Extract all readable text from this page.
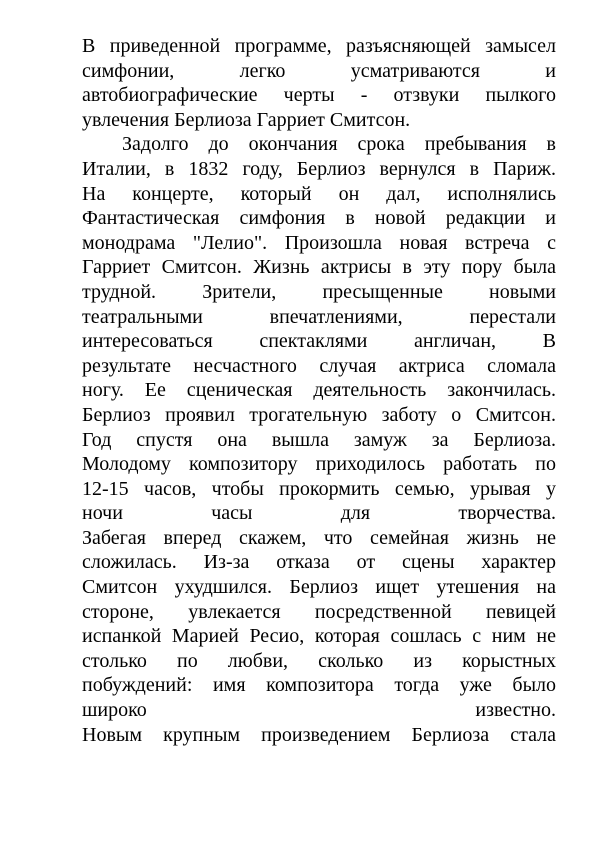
В приведенной программе, разъясняющей замысел
симфонии, легко усматриваются и
автобиографические черты - отзвуки пылкого
увлечения Берлиоза Гарриет Смитсон.
Задолго до окончания срока пребывания в
Италии, в 1832 году, Берлиоз вернулся в Париж.
На концерте, который он дал, исполнялись
Фантастическая симфония в новой редакции и
монодрама "Лелио". Произошла новая встреча с
Гарриет Смитсон. Жизнь актрисы в эту пору была
трудной. Зрители, пресыщенные новыми
театральными впечатлениями, перестали
интересоваться спектаклями англичан, В
результате несчастного случая актриса сломала
ногу. Ее сценическая деятельность закончилась.
Берлиоз проявил трогательную заботу о Смитсон.
Год спустя она вышла замуж за Берлиоза.
Молодому композитору приходилось работать по
12-15 часов, чтобы прокормить семью, урывая у
ночи часы для творчества.
Забегая вперед скажем, что семейная жизнь не
сложилась. Из-за отказа от сцены характер
Смитсон ухудшился. Берлиоз ищет утешения на
стороне, увлекается посредственной певицей
испанкой Марией Ресио, которая сошлась с ним не
столько по любви, сколько из корыстных
побуждений: имя композитора тогда уже было
широко известно.
Новым крупным произведением Берлиоза стала
